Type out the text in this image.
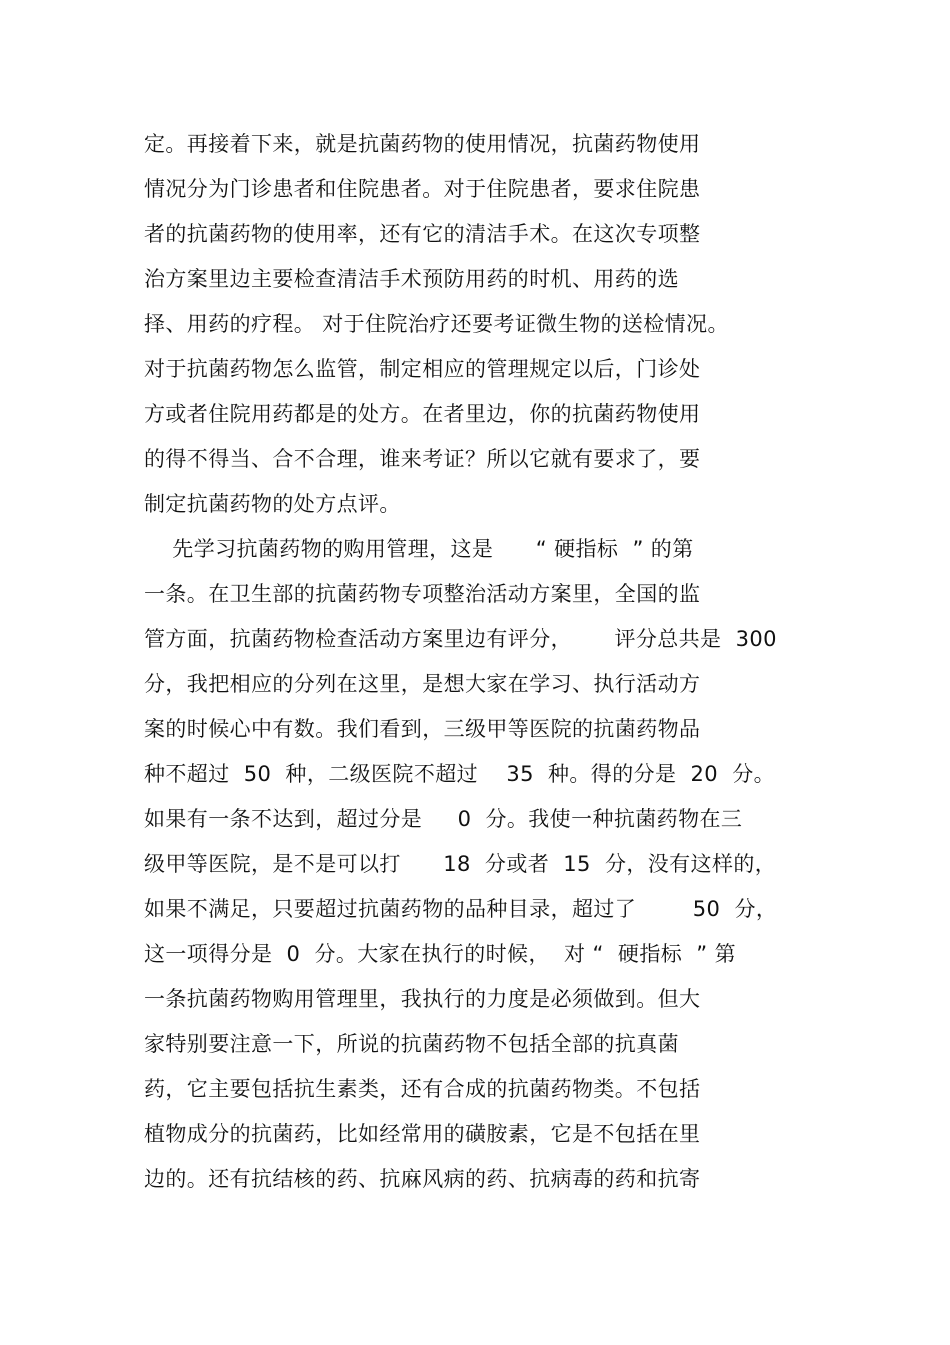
定。再接着下来，就是抗菌药物的使用情况，抗菌药物使用
情况分为门诊患者和住院患者。对于住院患者，要求住院患
者的抗菌药物的使用率，还有它的清洁手术。在这次专项整
治方案里边主要检查清洁手术预防用药的时机、用药的选
择、用药的疗程。 对于住院治疗还要考证微生物的送检情况。
对于抗菌药物怎么监管，制定相应的管理规定以后，门诊处
方或者住院用药都是的处方。在者里边，你的抗菌药物使用
的得不得当、合不合理，谁来考证？所以它就有要求了，要
制定抗菌药物的处方点评。
先学习抗菌药物的购用管理，这是      “ 硬指标  ” 的第
一条。在卫生部的抗菌药物专项整治活动方案里，全国的监
管方面，抗菌药物检查活动方案里边有评分，      评分总共是  300
分，我把相应的分列在这里，是想大家在学习、执行活动方
案的时候心中有数。我们看到，三级甲等医院的抗菌药物品
种不超过  50  种，二级医院不超过    35  种。得的分是  20  分。
如果有一条不达到，超过分是     0  分。我使一种抗菌药物在三
级甲等医院，是不是可以打      18  分或者  15  分，没有这样的，
如果不满足，只要超过抗菌药物的品种目录，超过了        50  分，
这一项得分是  0  分。大家在执行的时候，  对 “  硬指标  ” 第
一条抗菌药物购用管理里，我执行的力度是必须做到。但大
家特别要注意一下，所说的抗菌药物不包括全部的抗真菌
药，它主要包括抗生素类，还有合成的抗菌药物类。不包括
植物成分的抗菌药，比如经常用的磺胺素，它是不包括在里
边的。还有抗结核的药、抗麻风病的药、抗病毒的药和抗寄
